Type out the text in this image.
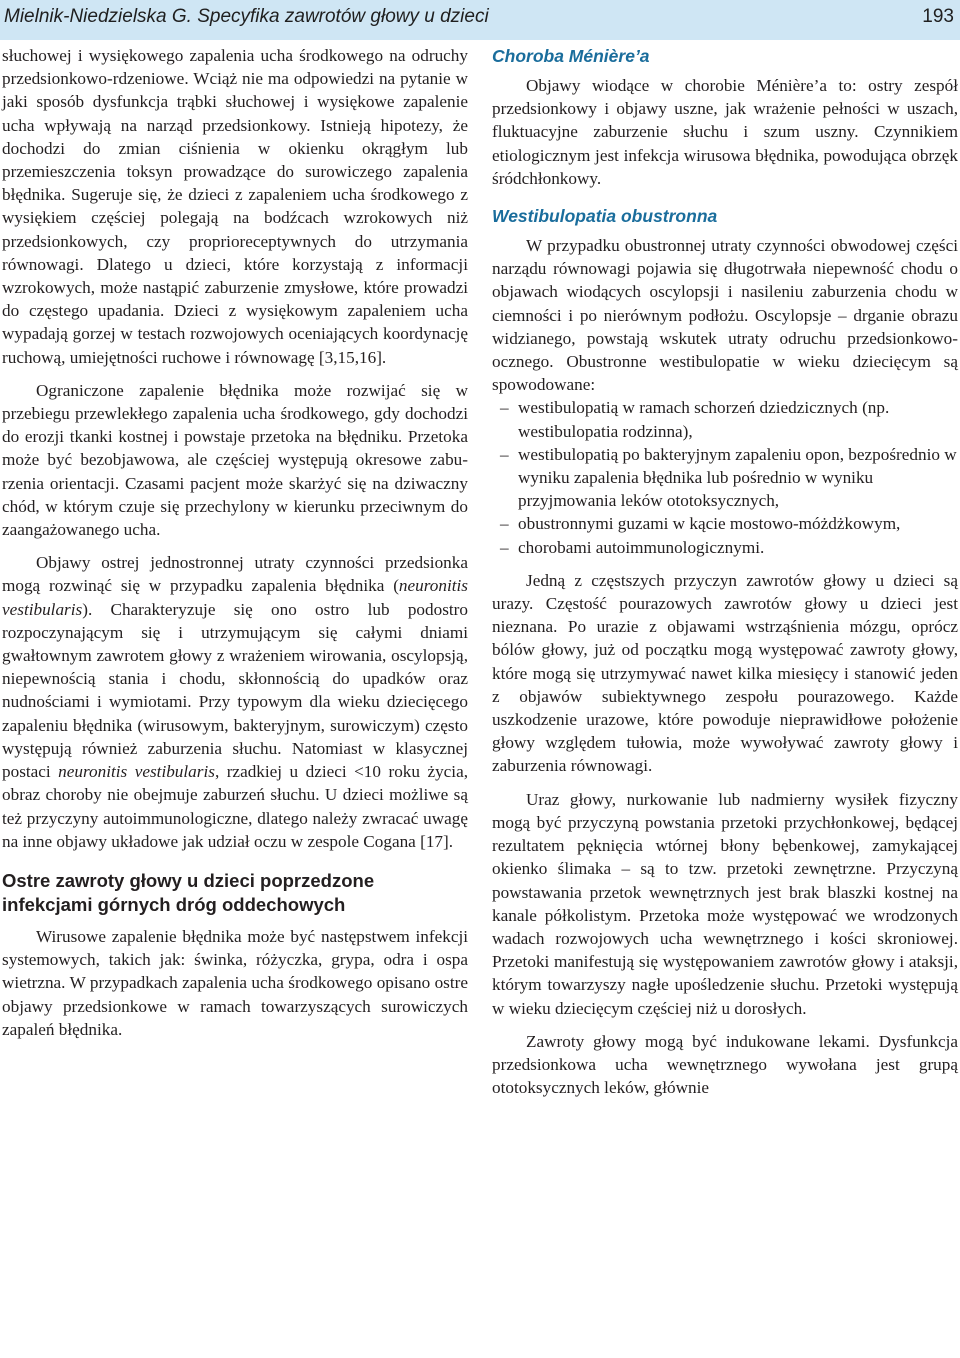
Mielnik-Niedzielska G. Specyfika zawrotów głowy u dzieci	193

słuchowej i wysiękowego zapalenia ucha środkowego na odruchy przedsionkowo-rdzeniowe. Wciąż nie ma odpowiedzi na pytanie w jaki sposób dysfunkcja trąbki słuchowej i wysiękowe zapalenie ucha wpływają na narząd przedsionkowy. Istnieją hipotezy, że dochodzi do zmian ciśnienia w okienku okrągłym lub przemieszczenia toksyn prowadzące do surowiczego zapalenia błędnika. Sugeruje się, że dzieci z zapaleniem ucha środkowego z wysiękiem częściej polegają na bodźcach wzrokowych niż przedsionkowych, czy proprioreceptywnych do utrzymania równowagi. Dlatego u dzieci, które korzystają z informacji wzrokowych, może nastąpić zaburzenie zmysłowe, które prowadzi do częstego upadania. Dzieci z wysiękowym zapaleniem ucha wypadają gorzej w testach rozwojowych oceniających koordynację ruchową, umiejętności ruchowe i równowagę [3,15,16].

Ograniczone zapalenie błędnika może rozwijać się w przebiegu przewlekłego zapalenia ucha środkowego, gdy dochodzi do erozji tkanki kostnej i powstaje przetoka na błędniku. Przetoka może być bezobjawowa, ale częściej występują okresowe zaburzenia orientacji. Czasami pacjent może skarżyć się na dziwaczny chód, w którym czuje się przechylony w kierunku przeciwnym do zaangażowanego ucha.

Objawy ostrej jednostronnej utraty czynności przedsionka mogą rozwinąć się w przypadku zapalenia błędnika (neuronitis vestibularis). Charakteryzuje się ono ostro lub podostro rozpoczynającym się i utrzymującym się całymi dniami gwałtownym zawrotem głowy z wrażeniem wirowania, oscylopsją, niepewnością stania i chodu, skłonnością do upadków oraz nudnościami i wymiotami. Przy typowym dla wieku dziecięcego zapaleniu błędnika (wirusowym, bakteryjnym, surowiczym) często występują również zaburzenia słuchu. Natomiast w klasycznej postaci neuronitis vestibularis, rzadkiej u dzieci <10 roku życia, obraz choroby nie obejmuje zaburzeń słuchu. U dzieci możliwe są też przyczyny autoimmunologiczne, dlatego należy zwracać uwagę na inne objawy układowe jak udział oczu w zespole Cogana [17].

Ostre zawroty głowy u dzieci poprzedzone infekcjami górnych dróg oddechowych

Wirusowe zapalenie błędnika może być następstwem infekcji systemowych, takich jak: świnka, różyczka, grypa, odra i ospa wietrzna. W przypadkach zapalenia ucha środkowego opisano ostre objawy przedsionkowe w ramach towarzyszących surowiczych zapaleń błędnika.

Choroba Ménière’a

Objawy wiodące w chorobie Ménière’a to: ostry zespół przedsionkowy i objawy uszne, jak wrażenie pełności w uszach, fluktuacyjne zaburzenie słuchu i szum uszny. Czynnikiem etiologicznym jest infekcja wirusowa błędnika, powodująca obrzęk śródchłonkowy.

Westibulopatia obustronna

W przypadku obustronnej utraty czynności obwodowej części narządu równowagi pojawia się długotrwała niepewność chodu o objawach wiodących oscylopsji i nasileniu zaburzenia chodu w ciemności i po nierównym podłożu. Oscylopsje – drganie obrazu widzianego, powstają wskutek utraty odruchu przedsionkowo-ocznego. Obustronne westibulopatie w wieku dziecięcym są spowodowane:

– westibulopatią w ramach schorzeń dziedzicznych (np. westibulopatia rodzinna),
– westibulopatią po bakteryjnym zapaleniu opon, bezpośrednio w wyniku zapalenia błędnika lub pośrednio w wyniku przyjmowania leków ototoksycznych,
– obustronnymi guzami w kącie mostowo-móżdżkowym,
– chorobami autoimmunologicznymi.

Jedną z częstszych przyczyn zawrotów głowy u dzieci są urazy. Częstość pourazowych zawrotów głowy u dzieci jest nieznana. Po urazie z objawami wstrząśnienia mózgu, oprócz bólów głowy, już od początku mogą występować zawroty głowy, które mogą się utrzymywać nawet kilka miesięcy i stanowić jeden z objawów subiektywnego zespołu pourazowego. Każde uszkodzenie urazowe, które powoduje nieprawidłowe położenie głowy względem tułowia, może wywoływać zawroty głowy i zaburzenia równowagi.

Uraz głowy, nurkowanie lub nadmierny wysiłek fizyczny mogą być przyczyną powstania przetoki przychłonkowej, będącej rezultatem pęknięcia wtórnej błony bębenkowej, zamykającej okienko ślimaka – są to tzw. przetoki zewnętrzne. Przyczyną powstawania przetok wewnętrznych jest brak blaszki kostnej na kanale półkolistym. Przetoka może występować we wrodzonych wadach rozwojowych ucha wewnętrznego i kości skroniowej. Przetoki manifestują się występowaniem zawrotów głowy i ataksji, którym towarzyszy nagłe upośledzenie słuchu. Przetoki występują w wieku dziecięcym częściej niż u dorosłych.

Zawroty głowy mogą być indukowane lekami. Dysfunkcja przedsionkowa ucha wewnętrznego wywołana jest grupą ototoksycznych leków, głównie
